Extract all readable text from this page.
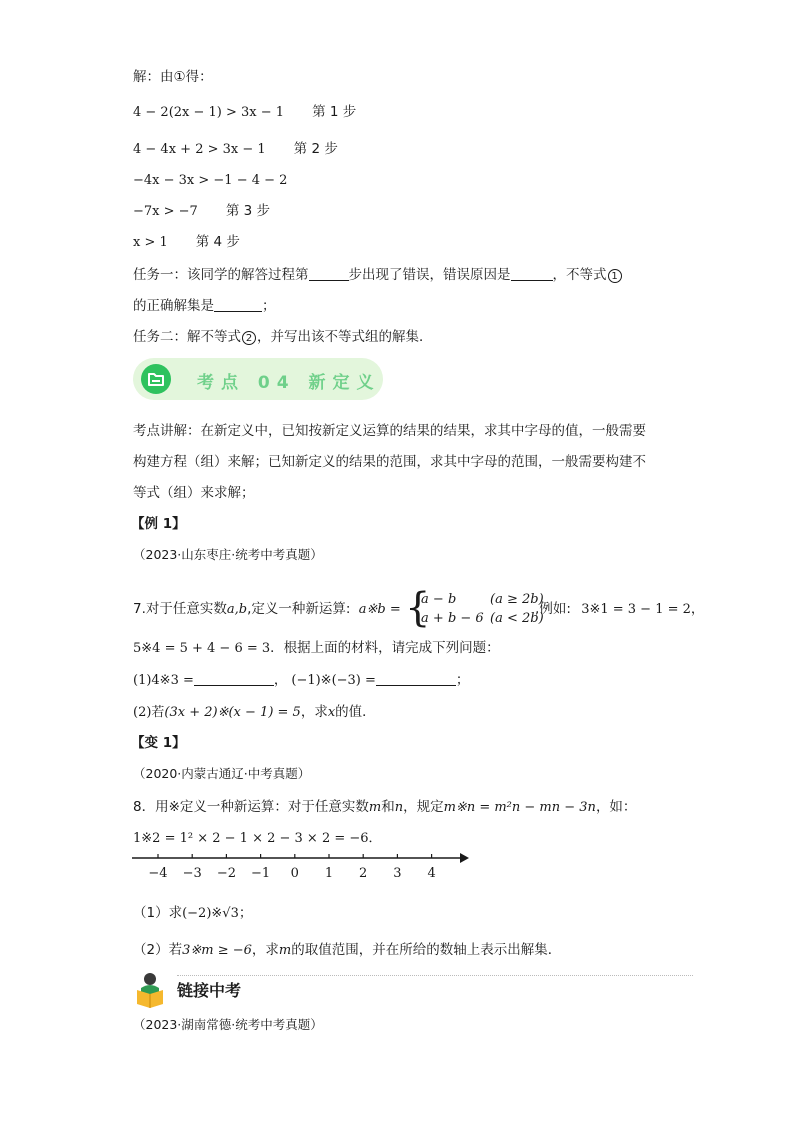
解：由①得：
4 − 2(2x − 1) > 3x − 1 第 1 步
4 − 4x + 2 > 3x − 1 第 2 步
−4x − 3x > −1 − 4 − 2
−7x > −7 第 3 步
x > 1 第 4 步
任务一：该同学的解答过程第	步出现了错误，错误原因是	，不等式 1
的正确解集是	；
任务二：解不等式 2 ，并写出该不等式组的解集．
考点 04 新定义
考点讲解：在新定义中，已知按新定义运算的结果的结果，求其中字母的值，一般需要
构建方程（组）来解；已知新定义的结果的范围，求其中字母的范围，一般需要构建不
等式（组）来求解；
【例 1】
（2023·山东枣庄·统考中考真题）
7.对于任意实数a,b,定义一种新运算: a※b = {
a − b	(a ≥ 2b)
a + b − 6 (a < 2b)
,例如: 3※1 = 3 − 1 = 2，
5※4 = 5 + 4 − 6 = 3．根据上面的材料，请完成下列问题：
(1)4※3 =	， (−1)※(−3) =	；
(2)若(3x + 2)※(x − 1) = 5，求x的值．
【变 1】
（2020·内蒙古通辽·中考真题）
8．用※定义一种新运算：对于任意实数m和n，规定m※n = m²n − mn − 3n，如：
1※2 = 1² × 2 − 1 × 2 − 3 × 2 = −6．
−4 −3 −2 −1 0 1 2 3 4
（1）求(−2)※√3；
（2）若3※m ≥ −6，求m的取值范围，并在所给的数轴上表示出解集．
链接中考
（2023·湖南常德·统考中考真题）
